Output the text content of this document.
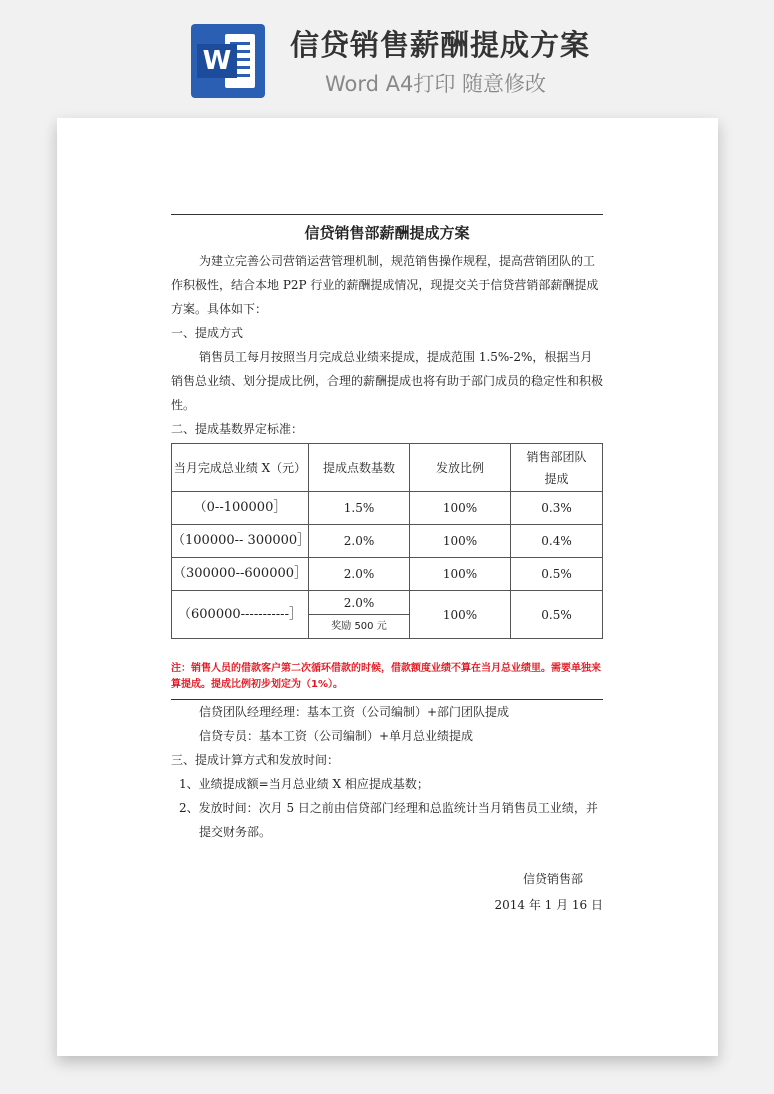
W 信贷销售薪酬提成方案
Word A4打印 随意修改
信贷销售部薪酬提成方案

为建立完善公司营销运营管理机制，规范销售操作规程，提高营销团队的工作积极性，结合本地 P2P 行业的薪酬提成情况，现提交关于信贷营销部薪酬提成方案。具体如下：

一、提成方式

销售员工每月按照当月完成总业绩来提成，提成范围 1.5%-2%，根据当月销售总业绩、划分提成比例，合理的薪酬提成也将有助于部门成员的稳定性和积极性。

二、提成基数界定标准：

当月完成总业绩 X（元）	提成点数基数	发放比例	销售部团队提成
（0--100000］	1.5%	100%	0.3%
（100000-- 300000］	2.0%	100%	0.4%
（300000--600000］	2.0%	100%	0.5%
（600000-----------］	2.0%	100%	0.5%
	奖励 500 元		

注：销售人员的借款客户第二次循环借款的时候，借款额度业绩不算在当月总业绩里。需要单独来算提成。提成比例初步划定为（1%）。

信贷团队经理经理：基本工资（公司编制）+部门团队提成

信贷专员：基本工资（公司编制）+单月总业绩提成

三、提成计算方式和发放时间：

1、业绩提成额=当月总业绩 X 相应提成基数；

2、发放时间：次月 5 日之前由信贷部门经理和总监统计当月销售员工业绩，并

提交财务部。

信贷销售部
2014 年 1 月 16 日
